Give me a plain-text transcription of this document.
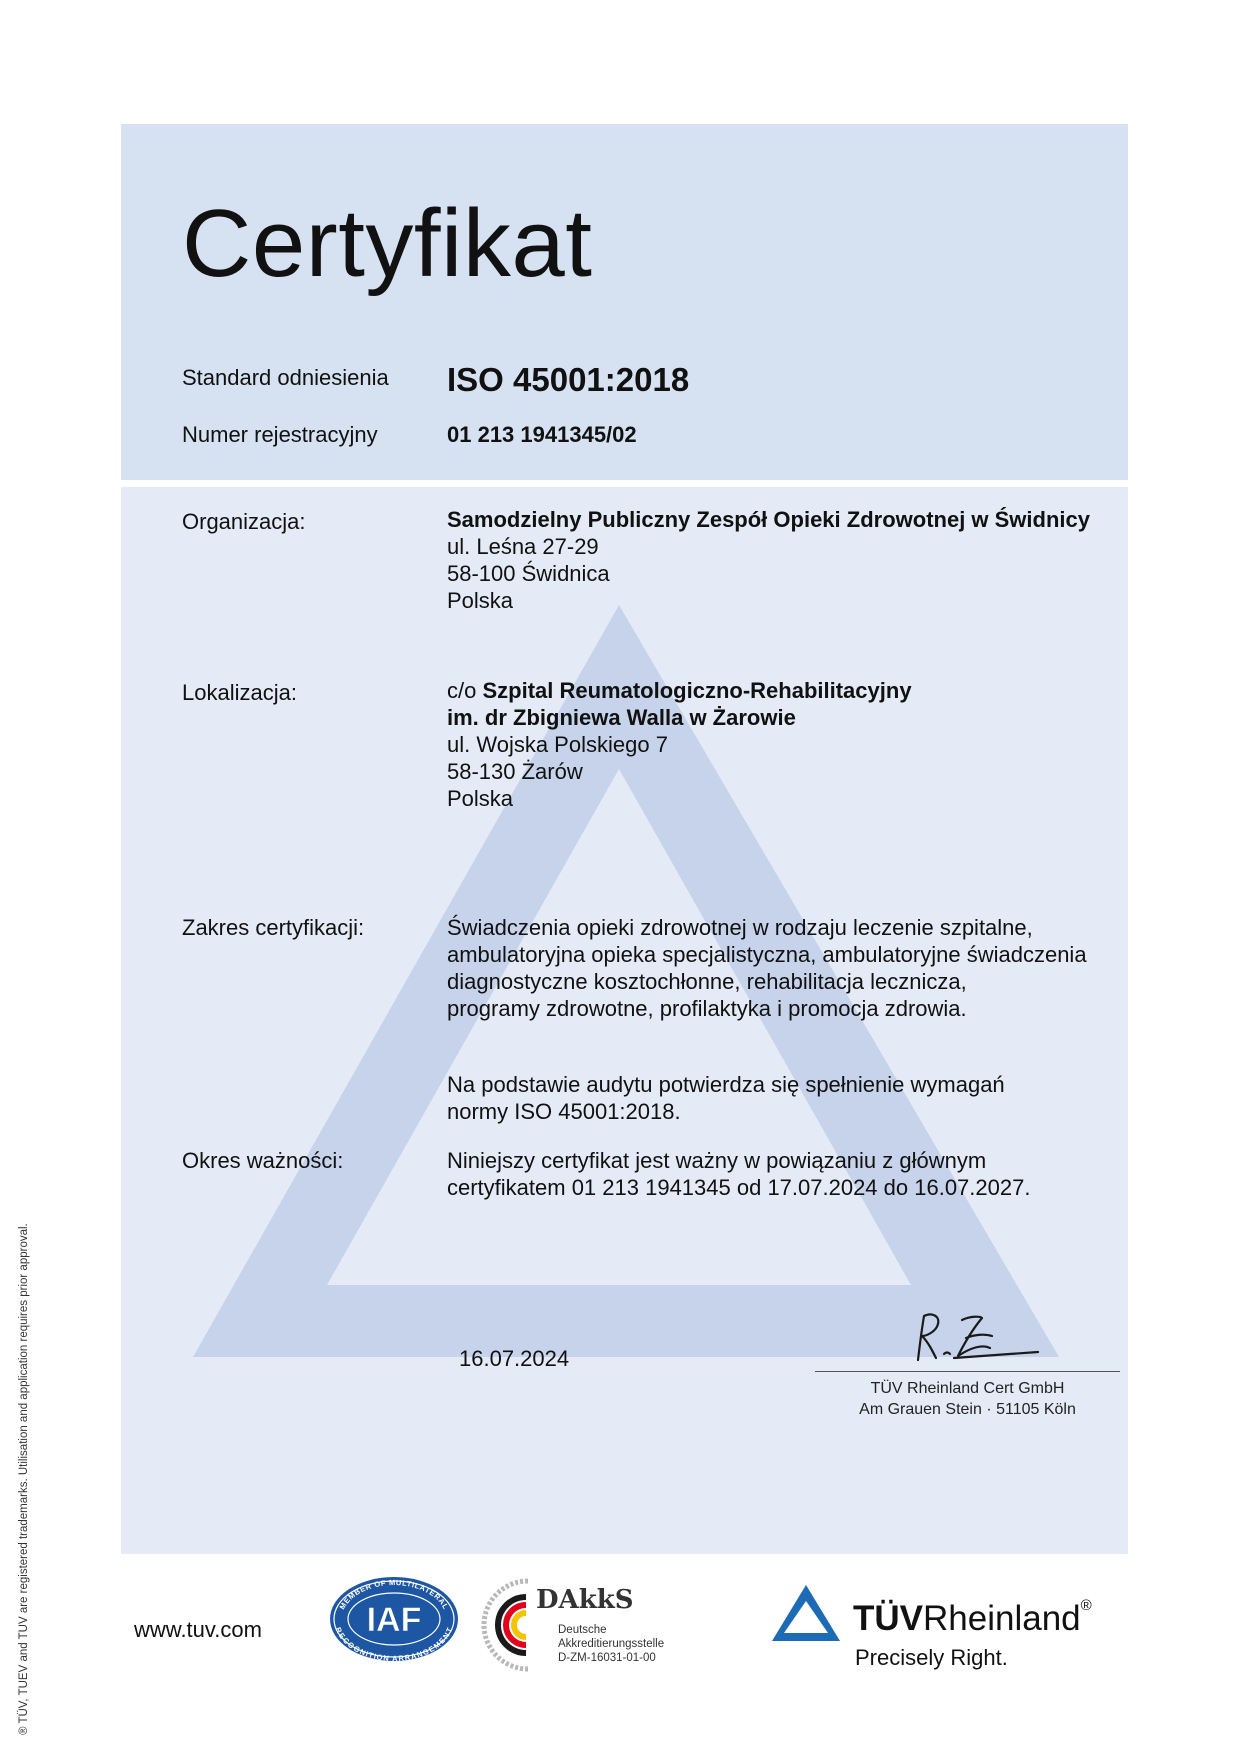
Certyfikat
Standard odniesienia ISO 45001:2018
Numer rejestracyjny	01 213 1941345/02
Organizacja:	Samodzielny Publiczny Zespół Opieki Zdrowotnej w Świdnicy
ul. Leśna 27-29
58-100 Świdnica
Polska
Lokalizacja:	c/o Szpital Reumatologiczno-Rehabilitacyjny
im. dr Zbigniewa Walla w Żarowie
ul. Wojska Polskiego 7
58-130 Żarów
Polska
Zakres certyfikacji:	Świadczenia opieki zdrowotnej w rodzaju leczenie szpitalne,
ambulatoryjna opieka specjalistyczna, ambulatoryjne świadczenia
diagnostyczne kosztochłonne, rehabilitacja lecznicza,
programy zdrowotne, profilaktyka i promocja zdrowia.
Na podstawie audytu potwierdza się spełnienie wymagań
normy ISO 45001:2018.
Okres ważności:	Niniejszy certyfikat jest ważny w powiązaniu z głównym
certyfikatem 01 213 1941345 od 17.07.2024 do 16.07.2027.
16.07.2024
TÜV Rheinland Cert GmbH
Am Grauen Stein · 51105 Köln
® TÜV, TUEV and TUV are registered trademarks. Utilisation and application requires prior approval.	www.tuv.com
MEMBER OF MULTILATERAL
RECOGNITION ARRANGEMENT
IAF
DAkkS
Deutsche
Akkreditierungsstelle
D-ZM-16031-01-00
TÜVRheinland®
Precisely Right.
